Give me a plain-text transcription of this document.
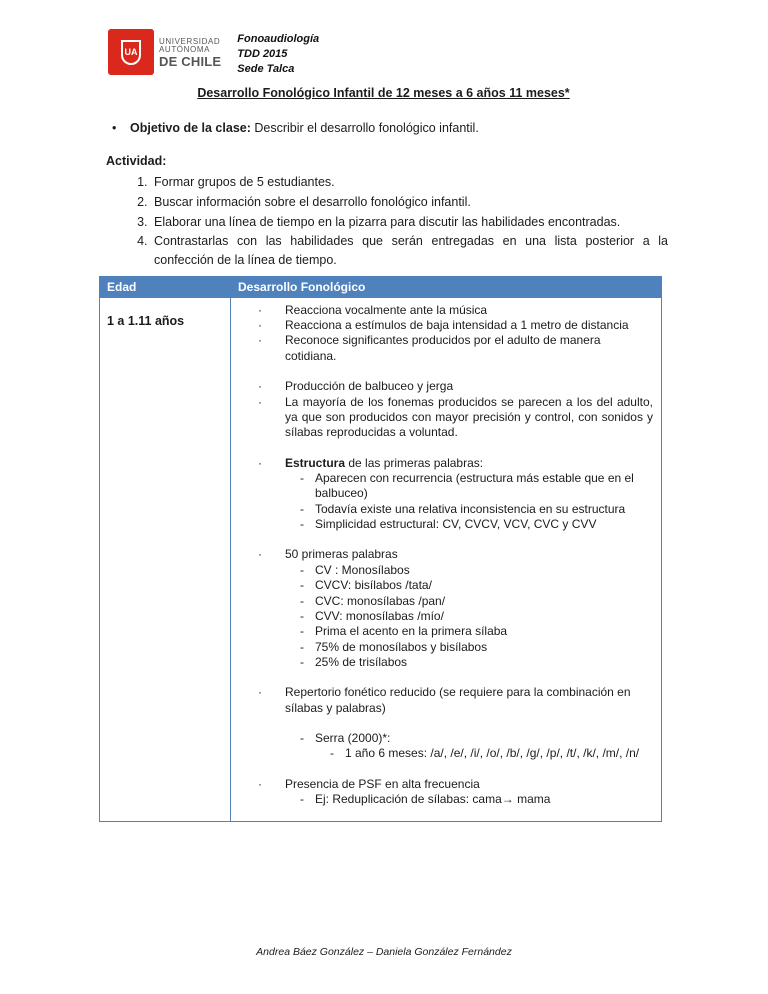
UA
UNIVERSIDAD
AUTÓNOMA
DE CHILE
Fonoaudiología
TDD 2015
Sede Talca
Desarrollo Fonológico Infantil de 12 meses a 6 años 11 meses*
•	Objetivo de la clase: Describir el desarrollo fonológico infantil.
Actividad:
1. Formar grupos de 5 estudiantes.
2. Buscar información sobre el desarrollo fonológico infantil.
3. Elaborar una línea de tiempo en la pizarra para discutir las habilidades encontradas.
4. Contrastarlas con las habilidades que serán entregadas en una lista posterior a la confección de la línea de tiempo.
Edad	Desarrollo Fonológico
1 a 1.11 años
·	Reacciona vocalmente ante la música
·	Reacciona a estímulos de baja intensidad a 1 metro de distancia
·	Reconoce significantes producidos por el adulto de manera cotidiana.
·	Producción de balbuceo y jerga
·	La mayoría de los fonemas producidos se parecen a los del adulto, ya que son producidos con mayor precisión y control, con sonidos y sílabas reproducidas a voluntad.
·	Estructura de las primeras palabras:
- Aparecen con recurrencia (estructura más estable que en el balbuceo)
- Todavía existe una relativa inconsistencia en su estructura
- Simplicidad estructural: CV, CVCV, VCV, CVC y CVV
·	50 primeras palabras
- CV : Monosílabos
- CVCV: bisílabos /tata/
- CVC: monosílabas /pan/
- CVV: monosílabas /mío/
- Prima el acento en la primera sílaba
- 75% de monosílabos y bisílabos
- 25% de trisílabos
·	Repertorio fonético reducido (se requiere para la combinación en sílabas y palabras)
- Serra (2000)*:
- 1 año 6 meses: /a/, /e/, /i/, /o/, /b/, /g/, /p/, /t/, /k/, /m/, /n/
·	Presencia de PSF en alta frecuencia
- Ej: Reduplicación de sílabas: cama→ mama
Andrea Báez González – Daniela González Fernández
